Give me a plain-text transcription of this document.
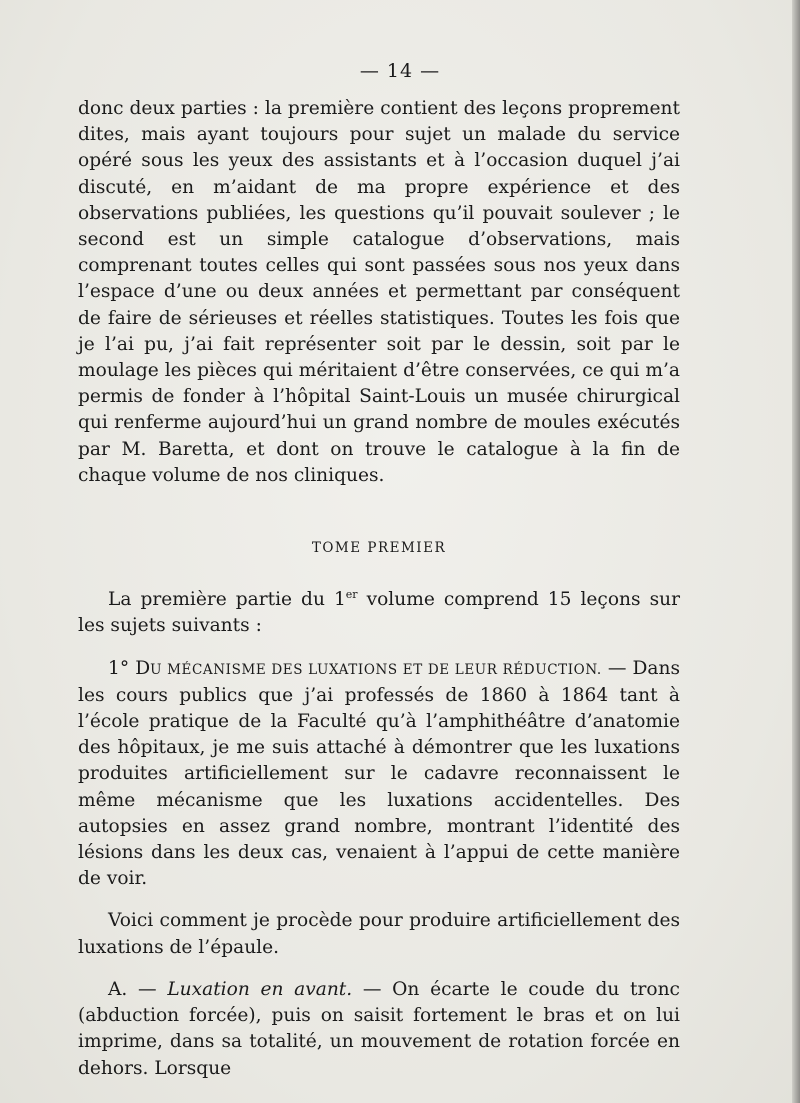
— 14 —

donc deux parties : la première contient des leçons proprement dites, mais ayant toujours pour sujet un malade du service opéré sous les yeux des assistants et à l’occasion duquel j’ai discuté, en m’aidant de ma propre expérience et des observations publiées, les questions qu’il pouvait soulever ; le second est un simple catalogue d’observations, mais comprenant toutes celles qui sont passées sous nos yeux dans l’espace d’une ou deux années et permettant par conséquent de faire de sérieuses et réelles statistiques. Toutes les fois que je l’ai pu, j’ai fait représenter soit par le dessin, soit par le moulage les pièces qui méritaient d’être conservées, ce qui m’a permis de fonder à l’hôpital Saint-Louis un musée chirurgical qui renferme aujourd’hui un grand nombre de moules exécutés par M. Baretta, et dont on trouve le catalogue à la fin de chaque volume de nos cliniques.

TOME PREMIER

La première partie du 1er volume comprend 15 leçons sur les sujets suivants :

1° DU MÉCANISME DES LUXATIONS ET DE LEUR RÉDUCTION. — Dans les cours publics que j’ai professés de 1860 à 1864 tant à l’école pratique de la Faculté qu’à l’amphithéâtre d’anatomie des hôpitaux, je me suis attaché à démontrer que les luxations produites artificiellement sur le cadavre reconnaissent le même mécanisme que les luxations accidentelles. Des autopsies en assez grand nombre, montrant l’identité des lésions dans les deux cas, venaient à l’appui de cette manière de voir.

Voici comment je procède pour produire artificiellement des luxations de l’épaule.

A. — Luxation en avant. — On écarte le coude du tronc (abduction forcée), puis on saisit fortement le bras et on lui imprime, dans sa totalité, un mouvement de rotation forcée en dehors. Lorsque
